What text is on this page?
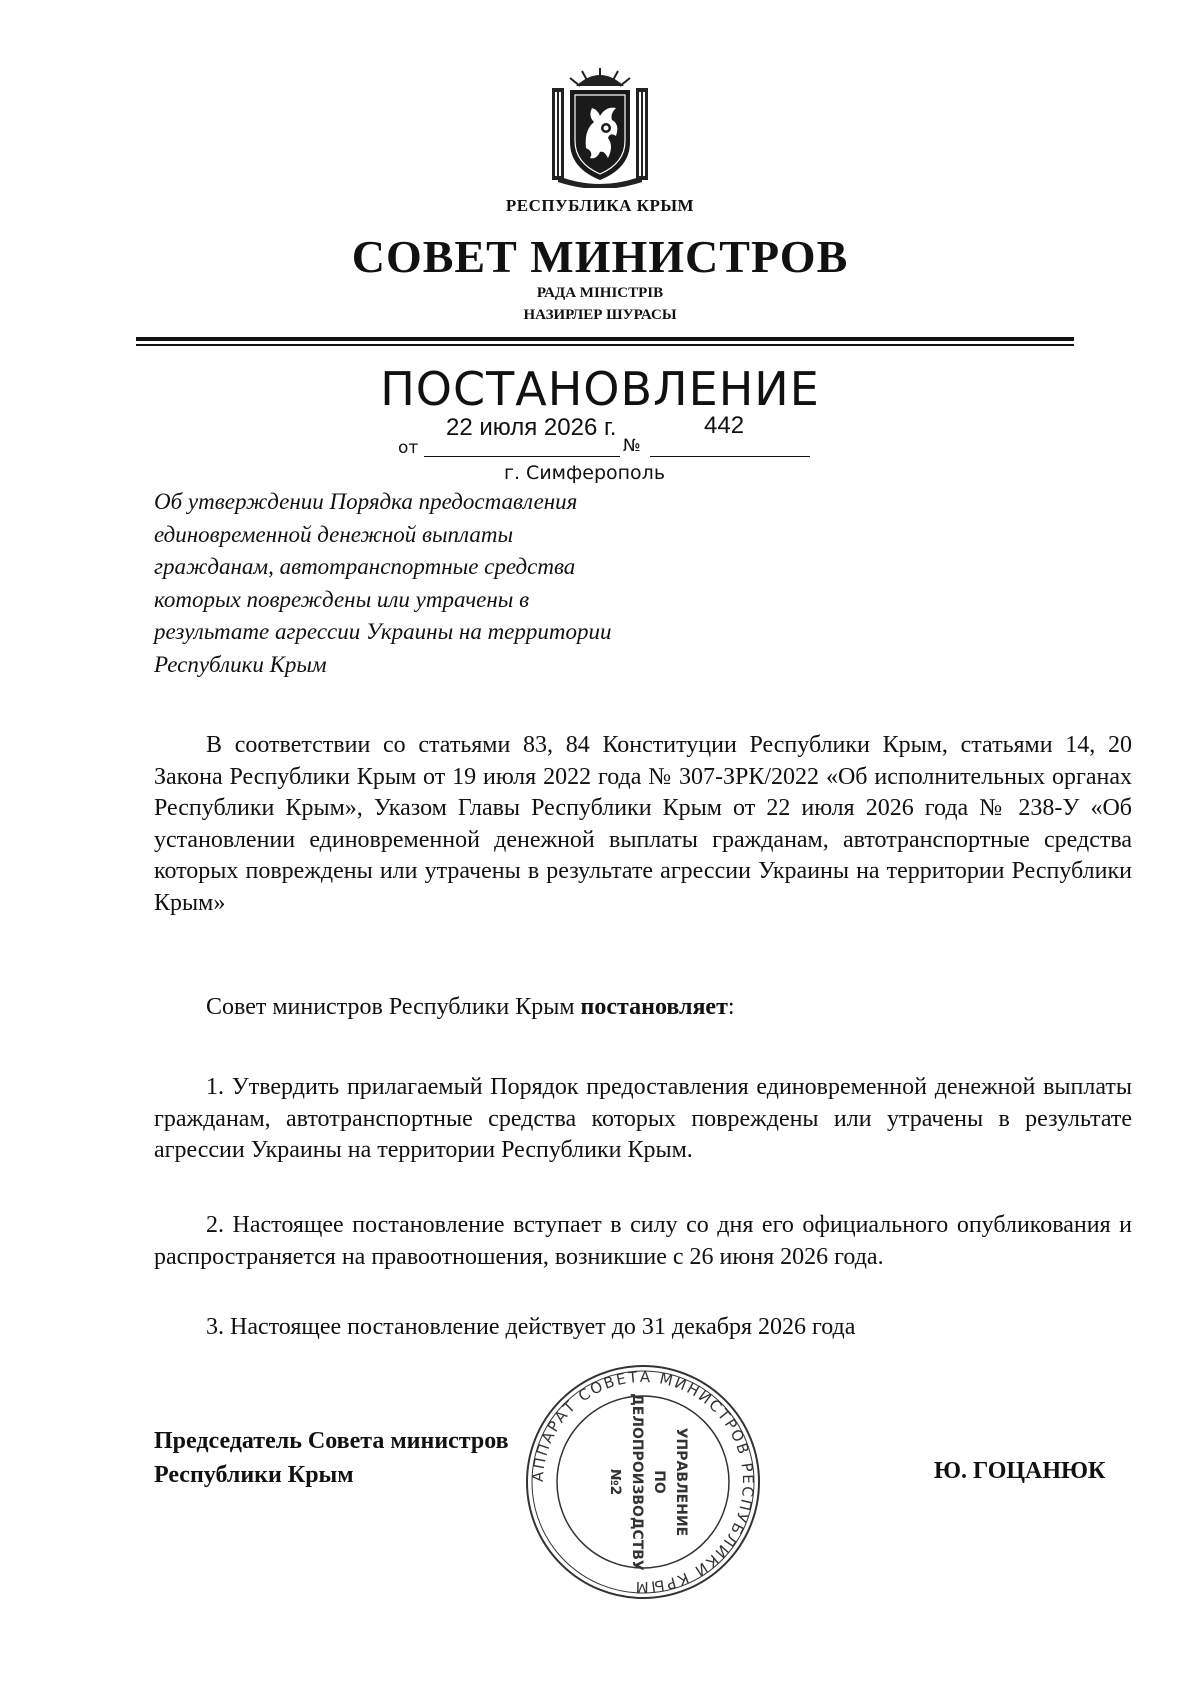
РЕСПУБЛИКА КРЫМ
СОВЕТ МИНИСТРОВ
РАДА МІНІСТРІВ
НАЗИРЛЕР ШУРАСЫ
ПОСТАНОВЛЕНИЕ
от
22 июля 2026 г.
№
442
г. Симферополь
Об утверждении Порядка предоставления
единовременной денежной выплаты
гражданам, автотранспортные средства
которых повреждены или утрачены в
результате агрессии Украины на территории
Республики Крым
В соответствии со статьями 83, 84 Конституции Республики Крым, статьями 14, 20 Закона Республики Крым от 19 июля 2022 года № 307-ЗРК/2022 «Об исполнительных органах Республики Крым», Указом Главы Республики Крым от 22 июля 2026 года № 238-У «Об установлении единовременной денежной выплаты гражданам, автотранспортные средства которых повреждены или утрачены в результате агрессии Украины на территории Республики Крым»
Совет министров Республики Крым постановляет:
1. Утвердить прилагаемый Порядок предоставления единовременной денежной выплаты гражданам, автотранспортные средства которых повреждены или утрачены в результате агрессии Украины на территории Республики Крым.
2. Настоящее постановление вступает в силу со дня его официального опубликования и распространяется на правоотношения, возникшие с 26 июня 2026 года.
3. Настоящее постановление действует до 31 декабря 2026 года
Председатель Совета министров
Республики Крым	Ю. ГОЦАНЮК
АППАРАТ СОВЕТА МИНИСТРОВ РЕСПУБЛИКИ КРЫМ
УПРАВЛЕНИЕ
ПО
ДЕЛОПРОИЗВОДСТВУ
№2
